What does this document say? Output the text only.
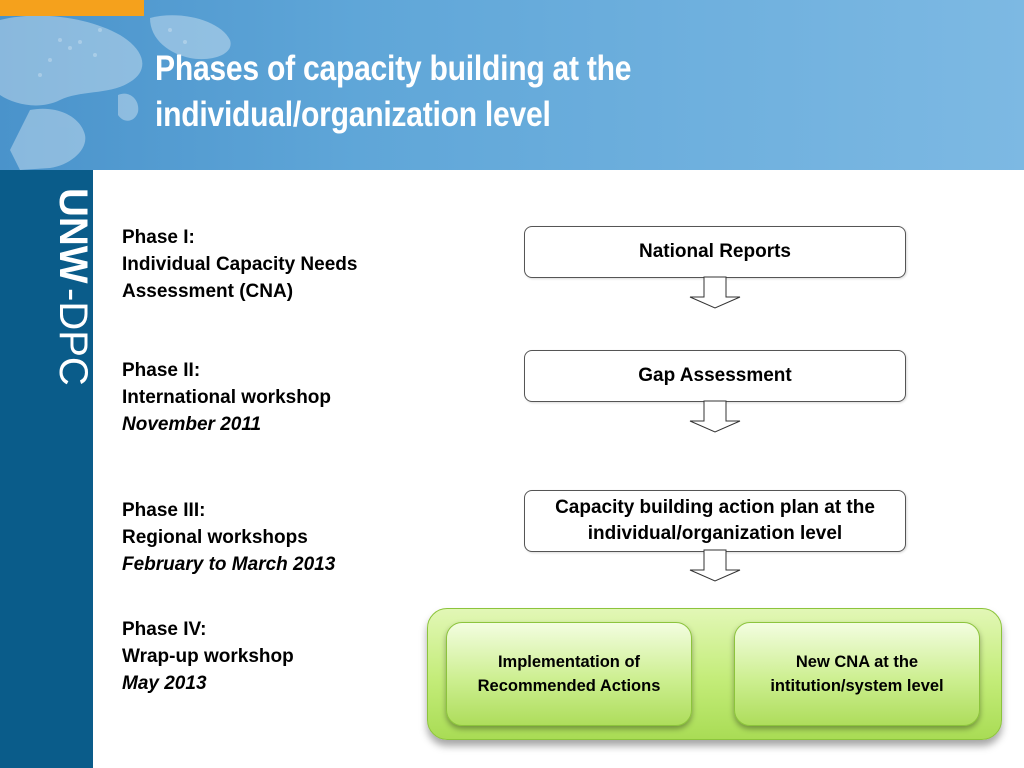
Phases of capacity building at the
individual/organization level
UNW
-DPC
Phase I:
Individual Capacity Needs Assessment (CNA)
Phase II:
International workshop
November 2011
Phase III:
Regional workshops
February to March 2013
Phase IV:
Wrap-up workshop
May 2013
National Reports
Gap Assessment
Capacity building action plan at the individual/organization level
Implementation of Recommended Actions
New CNA at the intitution/system level
